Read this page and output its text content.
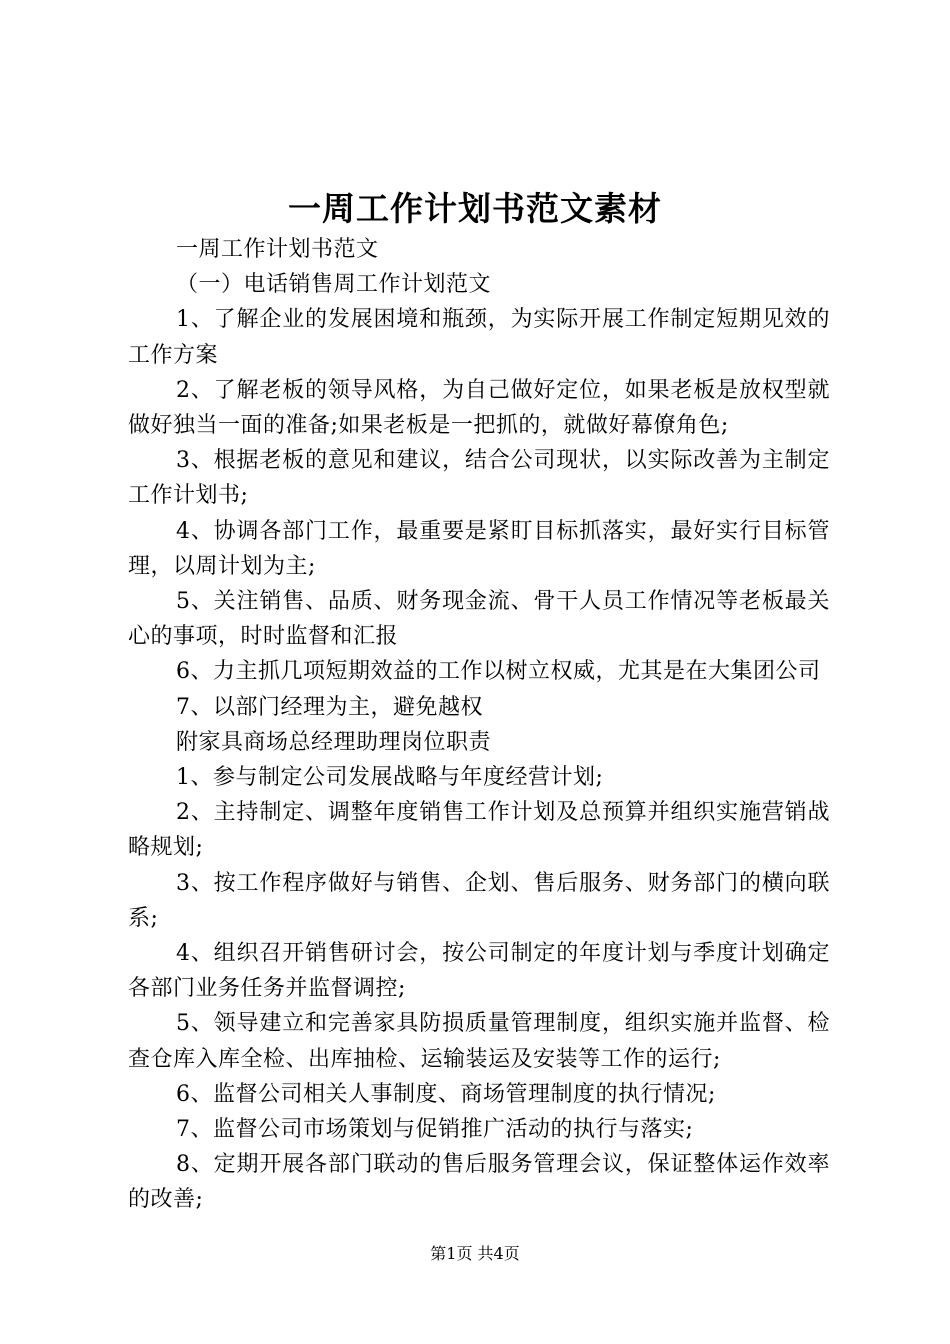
一周工作计划书范文素材

一周工作计划书范文

（一）电话销售周工作计划范文

1、了解企业的发展困境和瓶颈，为实际开展工作制定短期见效的工作方案

2、了解老板的领导风格，为自己做好定位，如果老板是放权型就做好独当一面的准备;如果老板是一把抓的，就做好幕僚角色;

3、根据老板的意见和建议，结合公司现状，以实际改善为主制定工作计划书;

4、协调各部门工作，最重要是紧盯目标抓落实，最好实行目标管理，以周计划为主;

5、关注销售、品质、财务现金流、骨干人员工作情况等老板最关心的事项，时时监督和汇报

6、力主抓几项短期效益的工作以树立权威，尤其是在大集团公司

7、以部门经理为主，避免越权

附家具商场总经理助理岗位职责

1、参与制定公司发展战略与年度经营计划;

2、主持制定、调整年度销售工作计划及总预算并组织实施营销战略规划;

3、按工作程序做好与销售、企划、售后服务、财务部门的横向联系;

4、组织召开销售研讨会，按公司制定的年度计划与季度计划确定各部门业务任务并监督调控;

5、领导建立和完善家具防损质量管理制度，组织实施并监督、检查仓库入库全检、出库抽检、运输装运及安装等工作的运行;

6、监督公司相关人事制度、商场管理制度的执行情况;

7、监督公司市场策划与促销推广活动的执行与落实;

8、定期开展各部门联动的售后服务管理会议，保证整体运作效率的改善;

第1页 共4页
